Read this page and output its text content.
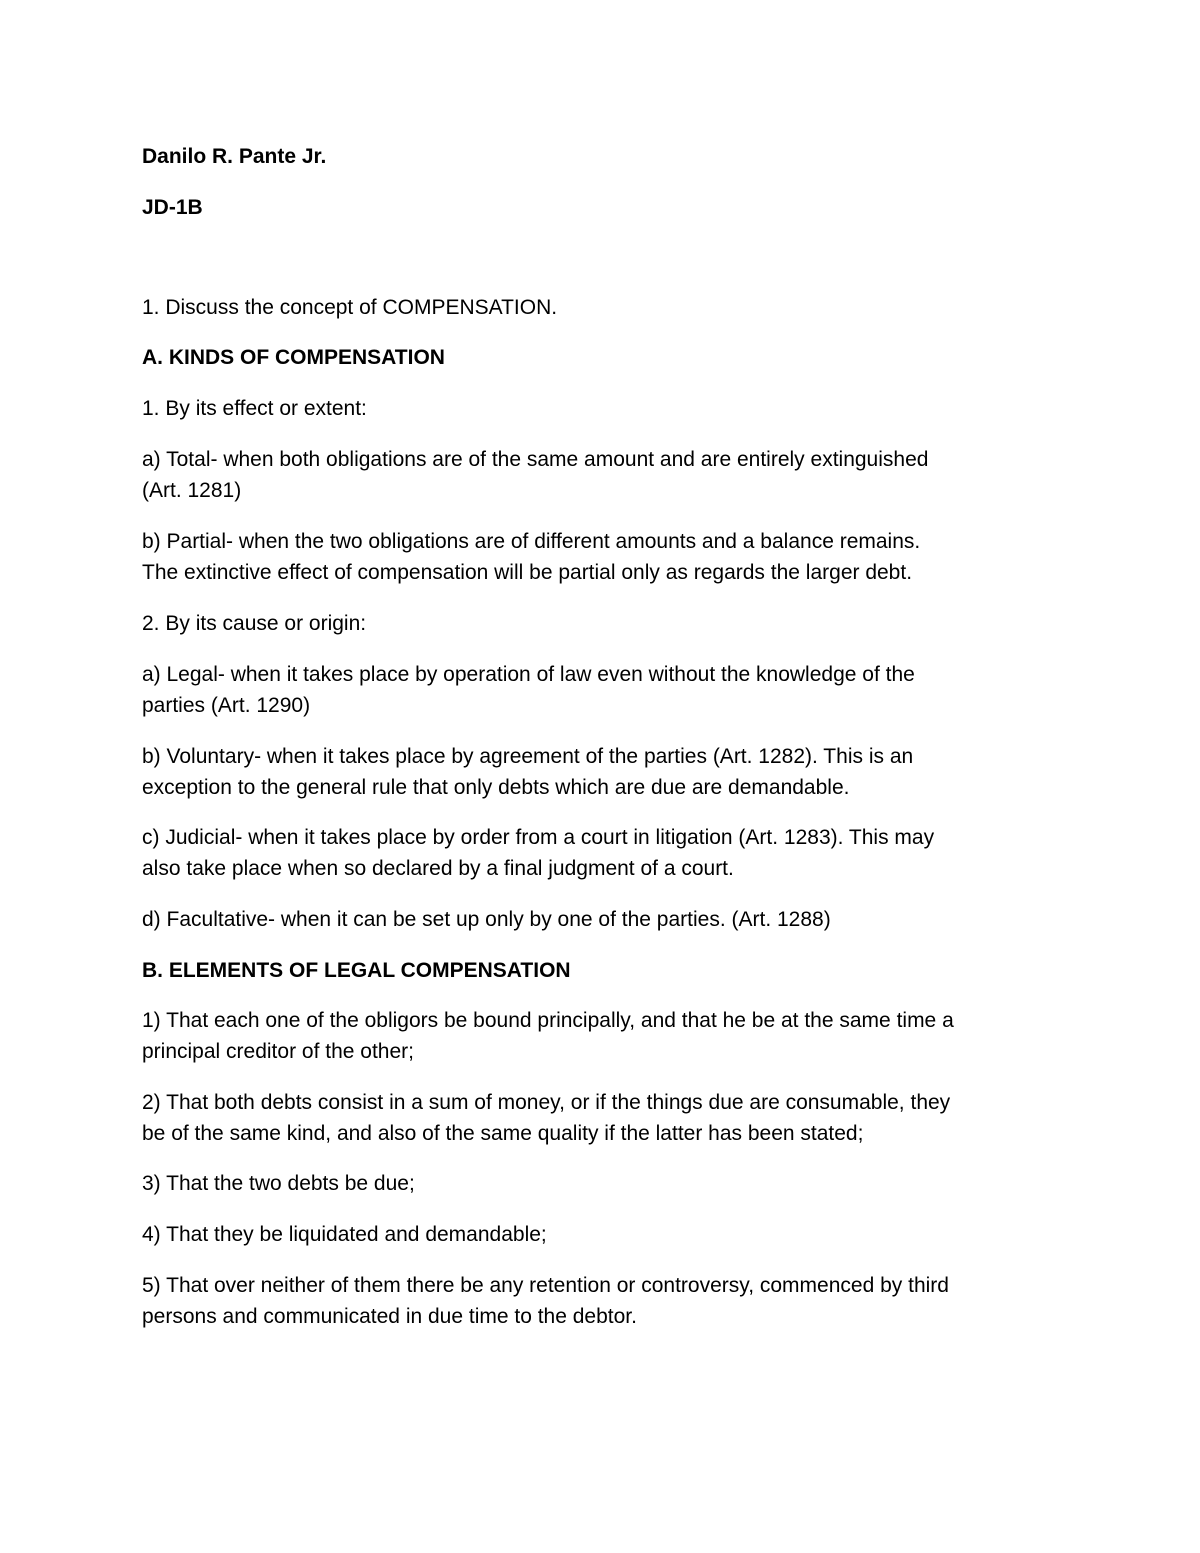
Danilo R. Pante Jr.
JD-1B
1. Discuss the concept of COMPENSATION.
A. KINDS OF COMPENSATION
1. By its effect or extent:
a) Total- when both obligations are of the same amount and are entirely extinguished
(Art. 1281)
b) Partial- when the two obligations are of different amounts and a balance remains.
The extinctive effect of compensation will be partial only as regards the larger debt.
2. By its cause or origin:
a) Legal- when it takes place by operation of law even without the knowledge of the
parties (Art. 1290)
b) Voluntary- when it takes place by agreement of the parties (Art. 1282). This is an
exception to the general rule that only debts which are due are demandable.
c) Judicial- when it takes place by order from a court in litigation (Art. 1283). This may
also take place when so declared by a final judgment of a court.
d) Facultative- when it can be set up only by one of the parties. (Art. 1288)
B. ELEMENTS OF LEGAL COMPENSATION
1) That each one of the obligors be bound principally, and that he be at the same time a
principal creditor of the other;
2) That both debts consist in a sum of money, or if the things due are consumable, they
be of the same kind, and also of the same quality if the latter has been stated;
3) That the two debts be due;
4) That they be liquidated and demandable;
5) That over neither of them there be any retention or controversy, commenced by third
persons and communicated in due time to the debtor.
